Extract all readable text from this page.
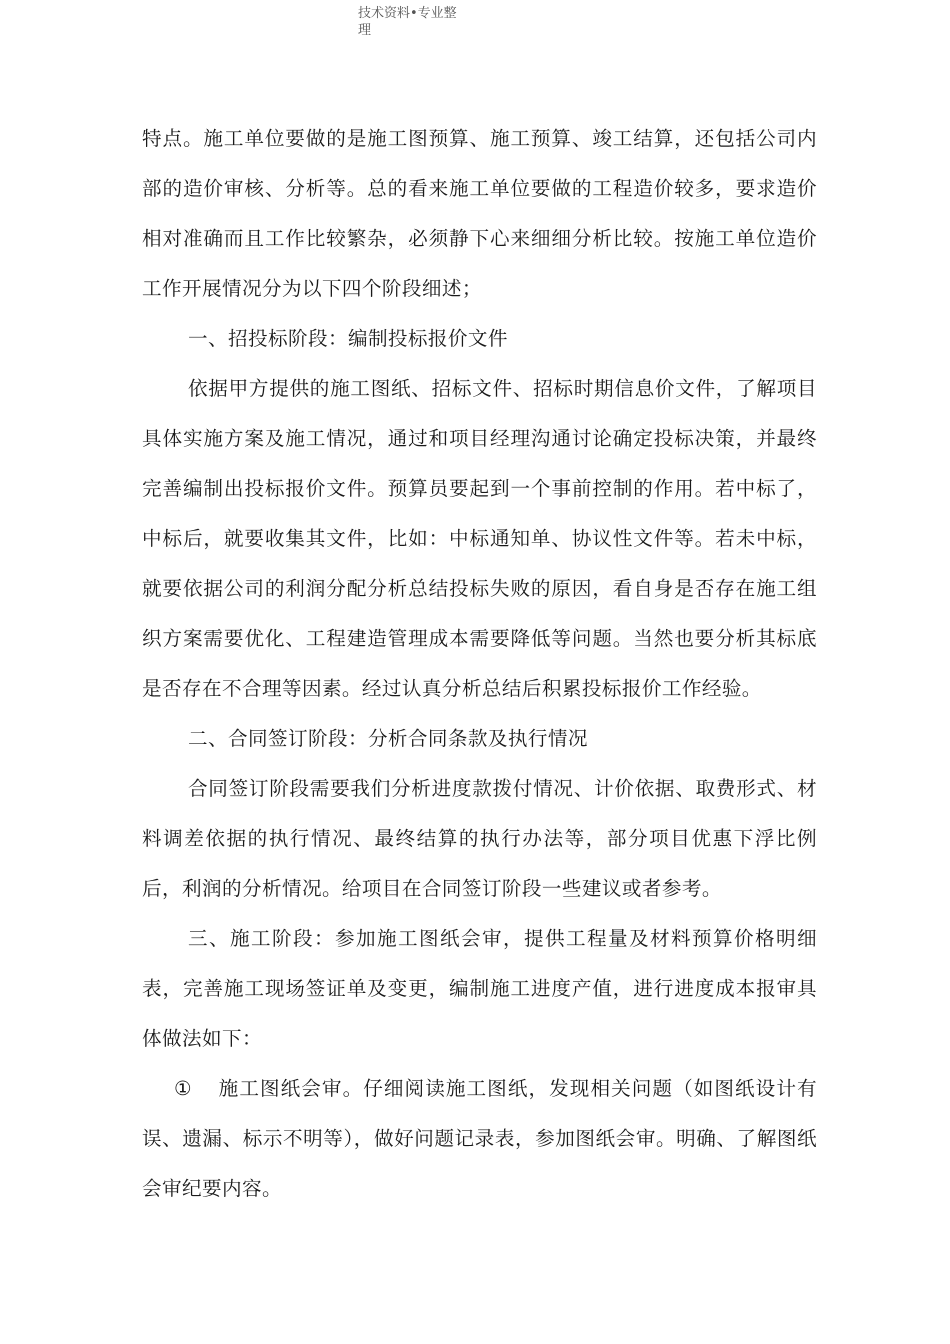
技术资料•专业整理

特点。施工单位要做的是施工图预算、施工预算、竣工结算，还包括公司内部的造价审核、分析等。总的看来施工单位要做的工程造价较多，要求造价相对准确而且工作比较繁杂，必须静下心来细细分析比较。按施工单位造价工作开展情况分为以下四个阶段细述；

一、招投标阶段：编制投标报价文件

依据甲方提供的施工图纸、招标文件、招标时期信息价文件，了解项目具体实施方案及施工情况，通过和项目经理沟通讨论确定投标决策，并最终完善编制出投标报价文件。预算员要起到一个事前控制的作用。若中标了，中标后，就要收集其文件，比如：中标通知单、协议性文件等。若未中标，就要依据公司的利润分配分析总结投标失败的原因，看自身是否存在施工组织方案需要优化、工程建造管理成本需要降低等问题。当然也要分析其标底是否存在不合理等因素。经过认真分析总结后积累投标报价工作经验。

二、合同签订阶段：分析合同条款及执行情况

合同签订阶段需要我们分析进度款拨付情况、计价依据、取费形式、材料调差依据的执行情况、最终结算的执行办法等，部分项目优惠下浮比例后，利润的分析情况。给项目在合同签订阶段一些建议或者参考。

三、施工阶段：参加施工图纸会审，提供工程量及材料预算价格明细表，完善施工现场签证单及变更，编制施工进度产值，进行进度成本报审具体做法如下：

① 施工图纸会审。仔细阅读施工图纸，发现相关问题（如图纸设计有误、遗漏、标示不明等），做好问题记录表，参加图纸会审。明确、了解图纸会审纪要内容。
